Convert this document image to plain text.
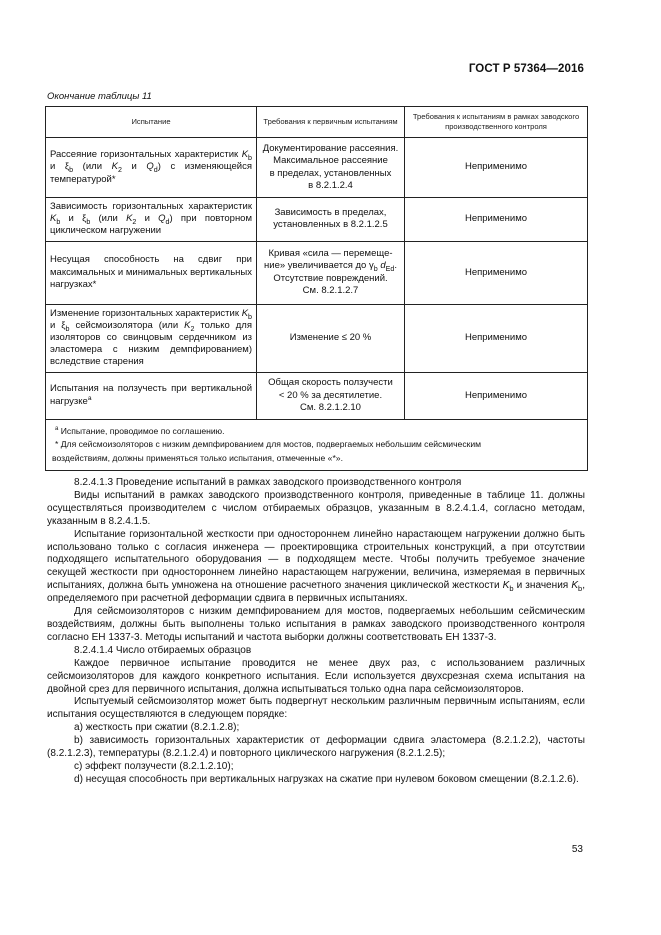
ГОСТ Р 57364—2016
Окончание таблицы 11
Испытание	Требования к первичным испытаниям	Требования к испытаниям в рамках заводского производственного контроля
Рассеяние горизонтальных характеристик $K_b$ и $\xi_b$ (или $K_2$ и $Q_d$) с изменяющейся температурой*	Документирование рассеяния.
Максимальное рассеяние
в пределах, установленных
в 8.2.1.2.4	Неприменимо
Зависимость горизонтальных характеристик $K_b$ и $\xi_b$ (или $K_2$ и $Q_d$) при повторном циклическом нагружении	Зависимость в пределах,
установленных в 8.2.1.2.5	Неприменимо
Несущая способность на сдвиг при максимальных и минимальных вертикальных нагрузках*	Кривая «сила — перемеще-
ние» увеличивается до $\gamma_b$ $d_{Ed}$.
Отсутствие повреждений.
См. 8.2.1.2.7	Неприменимо
Изменение горизонтальных характеристик $K_b$ и $\xi_b$ сейсмоизолятора (или $K_2$ только для изоляторов со свинцовым сердечником из эластомера с низким демпфированием) вследствие старения	Изменение ≤ 20 %	Неприменимо
Испытания на ползучесть при вертикальной нагрузке$^a$	Общая скорость ползучести
< 20 % за десятилетие.
См. 8.2.1.2.10	Неприменимо

$^a$ Испытание, проводимое по соглашению.
* Для сейсмоизоляторов с низким демпфированием для мостов, подвергаемых небольшим сейсмическим
воздействиям, должны применяться только испытания, отмеченные «*».		

8.2.4.1.3 Проведение испытаний в рамках заводского производственного контроля

Виды испытаний в рамках заводского производственного контроля, приведенные в таблице 11. должны осуществляться производителем с числом отбираемых образцов, указанным в 8.2.4.1.4, согласно методам, указанным в 8.2.4.1.5.

Испытание горизонтальной жесткости при одностороннем линейно нарастающем нагружении должно быть использовано только с согласия инженера — проектировщика строительных конструкций, а при отсутствии подходящего испытательного оборудования — в подходящем месте. Чтобы получить требуемое значение секущей жесткости при одностороннем линейно нарастающем нагружении, величина, измеряемая в первичных испытаниях, должна быть умножена на отношение расчетного значения циклической жесткости $K_b$ и значения $K_b$, определяемого при расчетной деформации сдвига в первичных испытаниях.

Для сейсмоизоляторов с низким демпфированием для мостов, подвергаемых небольшим сейсмическим воздействиям, должны быть выполнены только испытания в рамках заводского производственного контроля согласно ЕН 1337-3. Методы испытаний и частота выборки должны соответствовать ЕН 1337-3.

8.2.4.1.4 Число отбираемых образцов

Каждое первичное испытание проводится не менее двух раз, с использованием различных сейсмоизоляторов для каждого конкретного испытания. Если используется двухсрезная схема испытания на двойной срез для первичного испытания, должна испытываться только одна пара сейсмоизоляторов.

Испытуемый сейсмоизолятор может быть подвергнут нескольким различным первичным испытаниям, если испытания осуществляются в следующем порядке:

а) жесткость при сжатии (8.2.1.2.8);

b) зависимость горизонтальных характеристик от деформации сдвига эластомера (8.2.1.2.2), частоты (8.2.1.2.3), температуры (8.2.1.2.4) и повторного циклического нагружения (8.2.1.2.5);

с) эффект ползучести (8.2.1.2.10);

d) несущая способность при вертикальных нагрузках на сжатие при нулевом боковом смещении (8.2.1.2.6).

53
